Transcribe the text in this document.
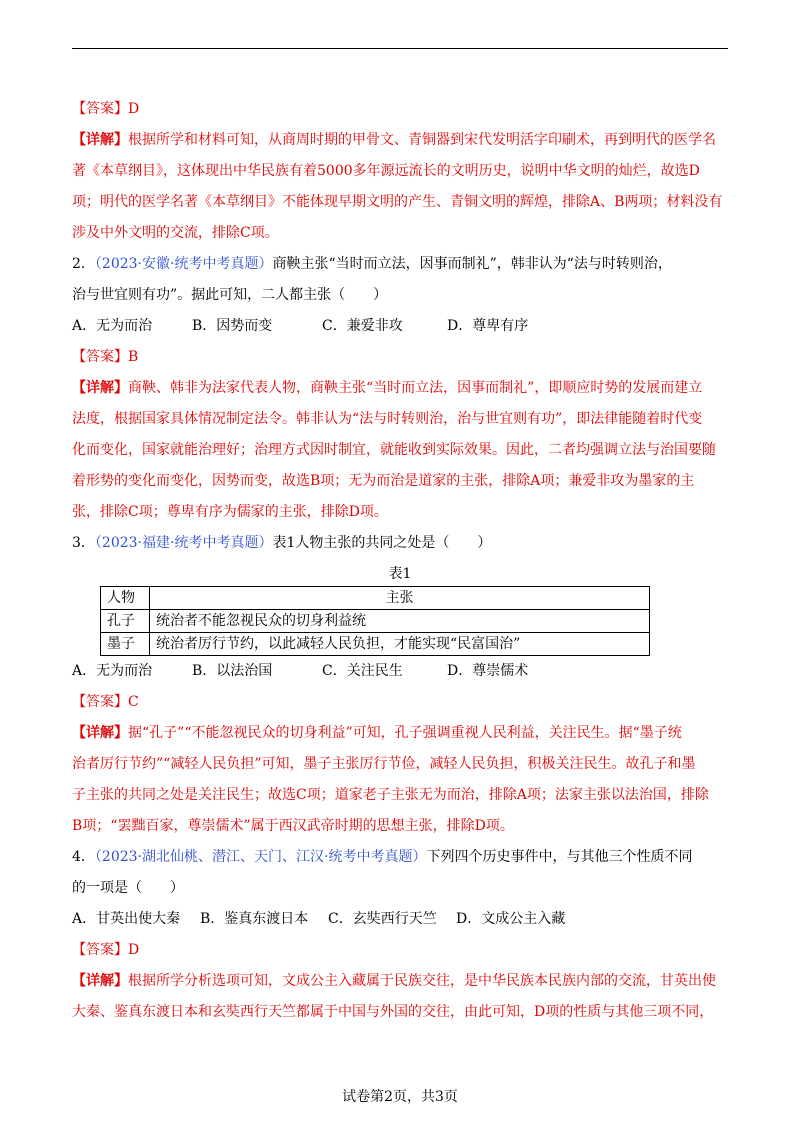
【答案】D
【详解】根据所学和材料可知，从商周时期的甲骨文、青铜器到宋代发明活字印刷术，再到明代的医学名
著《本草纲目》，这体现出中华民族有着5000多年源远流长的文明历史，说明中华文明的灿烂，故选D
项；明代的医学名著《本草纲目》不能体现早期文明的产生、青铜文明的辉煌，排除A、B两项；材料没有
涉及中外文明的交流，排除C项。
2．（2023·安徽·统考中考真题）商鞅主张“当时而立法，因事而制礼”，韩非认为“法与时转则治，
治与世宜则有功”。据此可知，二人都主张（　　）
A．无为而治	B．因势而变	C．兼爱非攻	D．尊卑有序
【答案】B
【详解】商鞅、韩非为法家代表人物，商鞅主张“当时而立法，因事而制礼”，即顺应时势的发展而建立
法度，根据国家具体情况制定法令。韩非认为“法与时转则治，治与世宜则有功”，即法律能随着时代变
化而变化，国家就能治理好；治理方式因时制宜，就能收到实际效果。因此，二者均强调立法与治国要随
着形势的变化而变化，因势而变，故选B项；无为而治是道家的主张，排除A项；兼爱非攻为墨家的主
张，排除C项；尊卑有序为儒家的主张，排除D项。
3．（2023·福建·统考中考真题）表1人物主张的共同之处是（　　）
表1
人物	主张
孔子	统治者不能忽视民众的切身利益统
墨子	统治者厉行节约，以此减轻人民负担，才能实现“民富国治”
A．无为而治	B．以法治国	C．关注民生	D．尊崇儒术
【答案】C
【详解】据“孔子”“不能忽视民众的切身利益”可知，孔子强调重视人民利益，关注民生。据“墨子统
治者厉行节约”“减轻人民负担”可知，墨子主张厉行节俭，减轻人民负担，积极关注民生。故孔子和墨
子主张的共同之处是关注民生；故选C项；道家老子主张无为而治，排除A项；法家主张以法治国，排除
B项；“罢黜百家，尊崇儒术”属于西汉武帝时期的思想主张，排除D项。
4．（2023·湖北仙桃、潜江、天门、江汉·统考中考真题）下列四个历史事件中，与其他三个性质不同
的一项是（　　）
A．甘英出使大秦	B．鉴真东渡日本	C．玄奘西行天竺	D．文成公主入藏
【答案】D
【详解】根据所学分析选项可知，文成公主入藏属于民族交往，是中华民族本民族内部的交流，甘英出使
大秦、鉴真东渡日本和玄奘西行天竺都属于中国与外国的交往，由此可知，D项的性质与其他三项不同，
试卷第2页，共3页
